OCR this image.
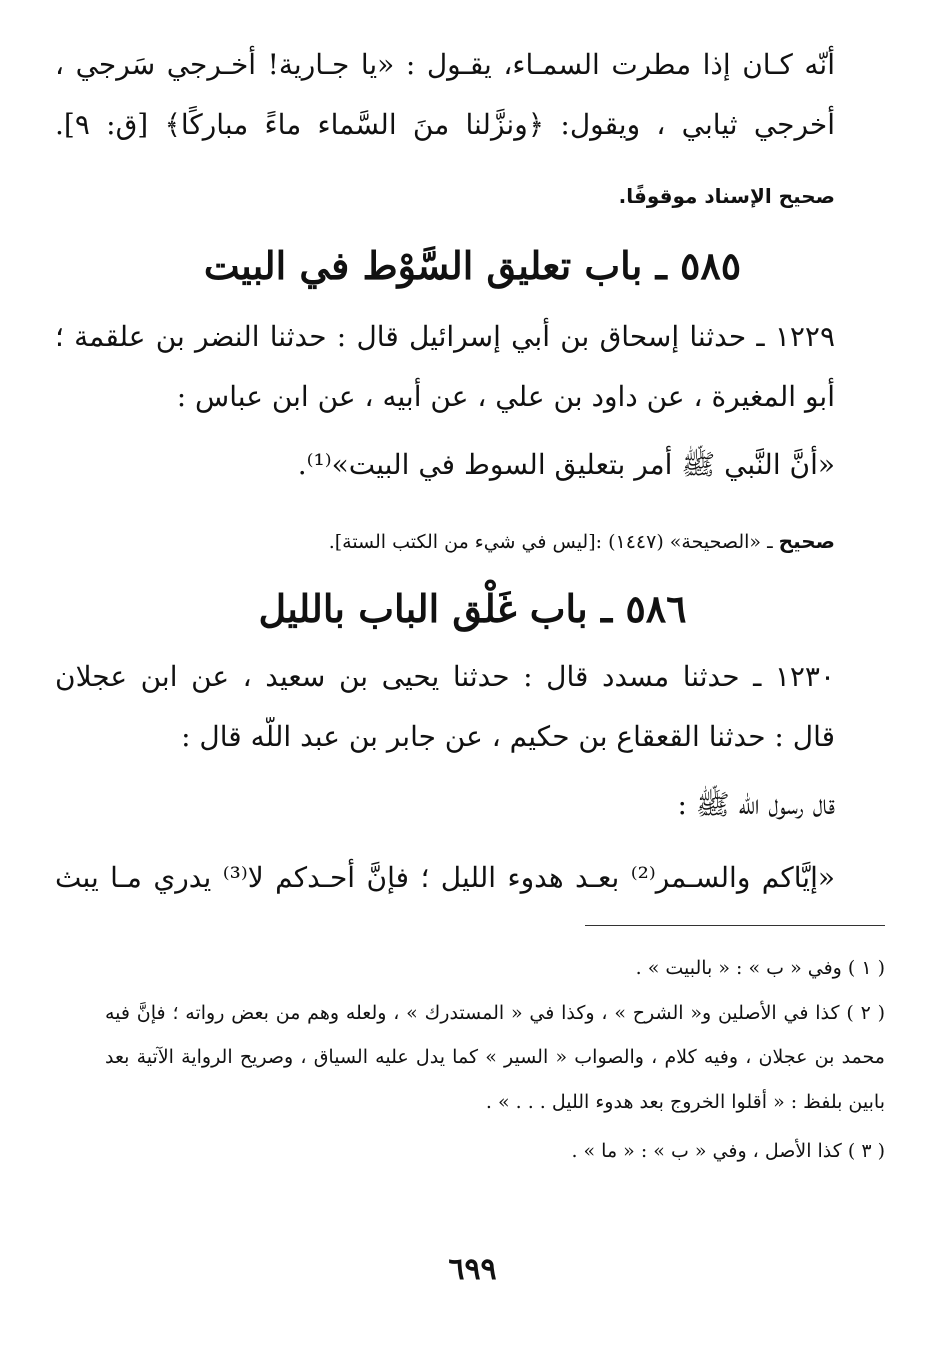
أنّه كـان إذا مطرت السمـاء، يقـول : «يا جـارية! أخـرجي سَرجي ،
أخرجي ثيابي ، ويقول: ﴿ونزَّلنا منَ السَّماء ماءً مباركًا﴾ [ق: ٩].
صحيح الإسناد موقوفًا.
٥٨٥ ـ باب تعليق السَّوْط في البيت
١٢٢٩ ـ حدثنا إسحاق بن أبي إسرائيل قال : حدثنا النضر بن علقمة ؛
أبو المغيرة ، عن داود بن علي ، عن أبيه ، عن ابن عباس :
«أنَّ النَّبي ﷺ أمر بتعليق السوط في البيت»⁽¹⁾.
صحيح ـ «الصحيحة» (١٤٤٧) :[ليس في شيء من الكتب الستة].
٥٨٦ ـ باب غَلْق الباب بالليل
١٢٣٠ ـ حدثنا مسدد قال : حدثنا يحيى بن سعيد ، عن ابن عجلان
قال : حدثنا القعقاع بن حكيم ، عن جابر بن عبد اللّه قال :
قال رسول اللّه ﷺ :
«إيَّاكم والسـمر⁽²⁾ بعـد هدوء الليل ؛ فإنَّ أحـدكم لا⁽³⁾ يدري مـا يبث
( ١ ) وفي « ب » : « بالبيت » .
( ٢ ) كذا في الأصلين و« الشرح » ، وكذا في « المستدرك » ، ولعله وهم من بعض رواته ؛ فإنَّ فيه
محمد بن عجلان ، وفيه كلام ، والصواب « السير » كما يدل عليه السياق ، وصريح الرواية الآتية بعد
بابين بلفظ : « أقلوا الخروج بعد هدوء الليل . . . » .
( ٣ ) كذا الأصل ، وفي « ب » : « ما » .
٦٩٩
